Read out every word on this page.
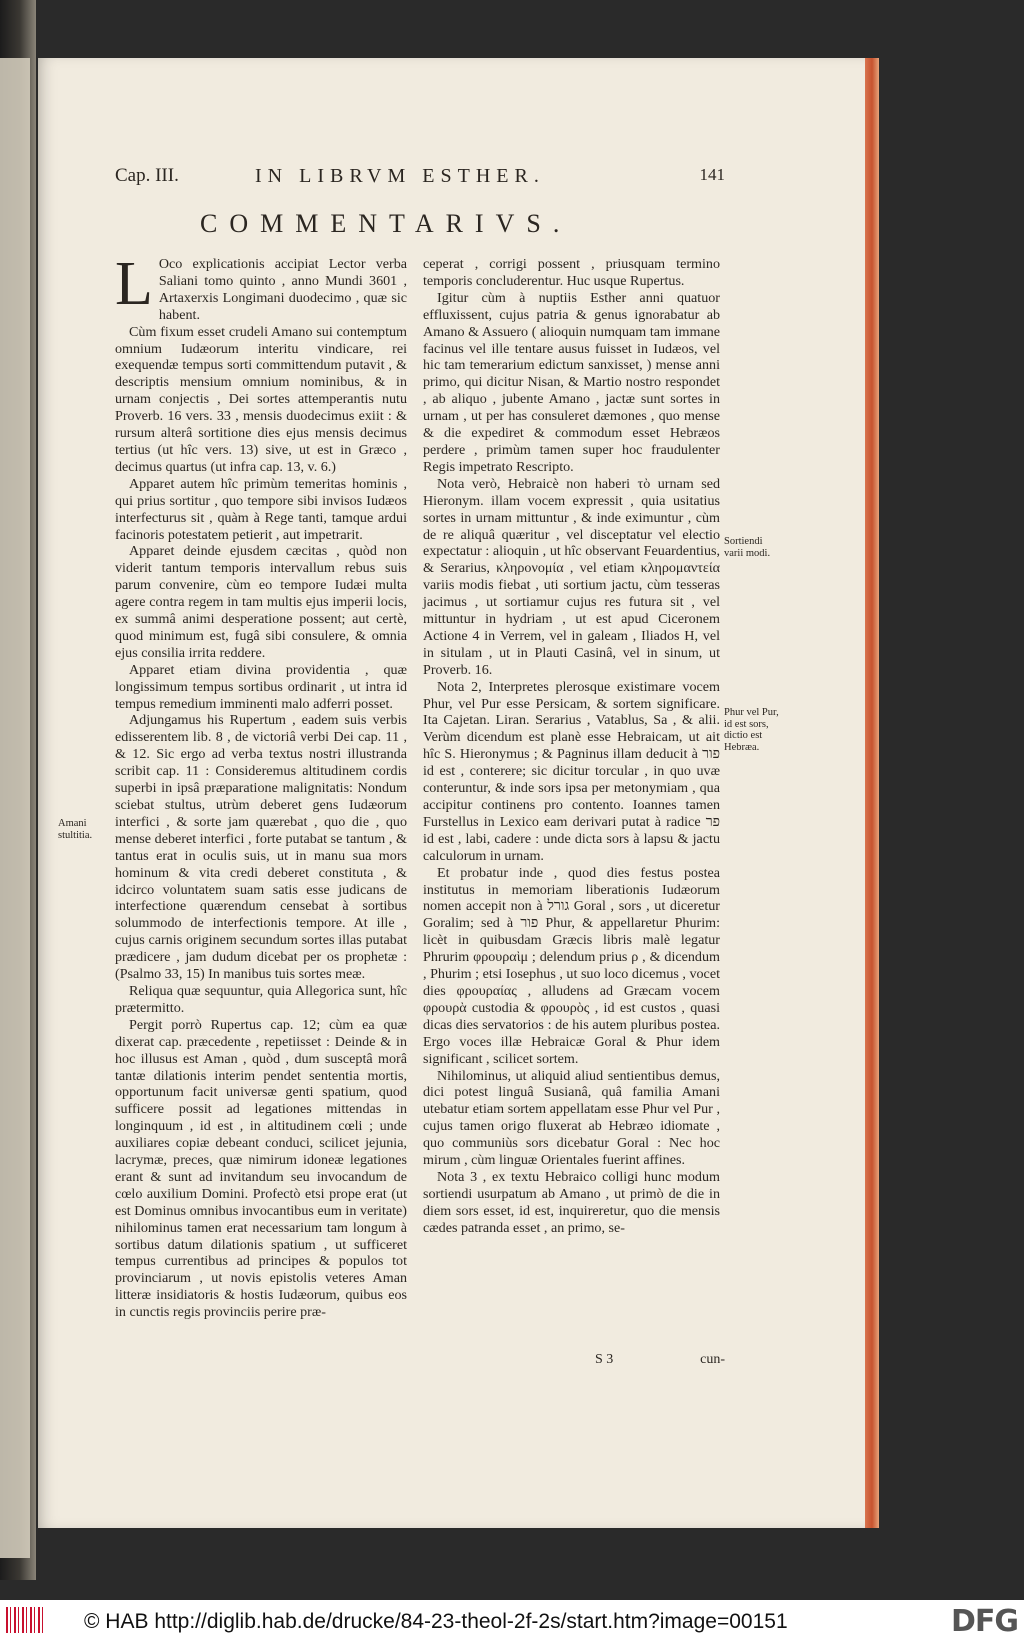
Cap. III.	IN LIBRVM ESTHER.	141
COMMENTARIVS.
L Oco explicationis accipiat Lector verba Saliani tomo quinto , anno Mundi 3601 , Artaxerxis Longimani duodecimo , quæ sic habent.

Cùm fixum esset crudeli Amano sui contemptum omnium Iudæorum interitu vindicare, rei exequendæ tempus sorti committendum putavit , & descriptis mensium omnium nominibus, & in urnam conjectis , Dei sortes attemperantis nutu Proverb. 16 vers. 33 , mensis duodecimus exiit : & rursum alterâ sortitione dies ejus mensis decimus tertius (ut hîc vers. 13) sive, ut est in Græco , decimus quartus (ut infra cap. 13, v. 6.)

Apparet autem hîc primùm temeritas hominis , qui prius sortitur , quo tempore sibi invisos Iudæos interfecturus sit , quàm à Rege tanti, tamque ardui facinoris potestatem petierit , aut impetrarit.

Apparet deinde ejusdem cæcitas , quòd non viderit tantum temporis intervallum rebus suis parum convenire, cùm eo tempore Iudæi multa agere contra regem in tam multis ejus imperii locis, ex summâ animi desperatione possent; aut certè, quod minimum est, fugâ sibi consulere, & omnia ejus consilia irrita reddere.

Apparet etiam divina providentia , quæ longissimum tempus sortibus ordinarit , ut intra id tempus remedium imminenti malo adferri posset.

Adjungamus his Rupertum , eadem suis verbis edisserentem lib. 8 , de victoriâ verbi Dei cap. 11 , & 12. Sic ergo ad verba textus nostri illustranda scribit cap. 11 : Consideremus altitudinem cordis superbi in ipsâ præparatione malignitatis: Nondum sciebat stultus, utrùm deberet gens Iudæorum interfici , & sorte jam quærebat , quo die , quo mense deberet interfici , forte putabat se tantum , & tantus erat in oculis suis, ut in manu sua mors hominum & vita credi deberet constituta , & idcirco voluntatem suam satis esse judicans de interfectione quærendum censebat à sortibus solummodo de interfectionis tempore. At ille , cujus carnis originem secundum sortes illas putabat prædicere , jam dudum dicebat per os prophetæ : (Psalmo 33, 15) In manibus tuis sortes meæ.

Reliqua quæ sequuntur, quia Allegorica sunt, hîc prætermitto.

Pergit porrò Rupertus cap. 12; cùm ea quæ dixerat cap. præcedente , repetiisset : Deinde & in hoc illusus est Aman , quòd , dum susceptâ morâ tantæ dilationis interim pendet sententia mortis, opportunum facit universæ genti spatium, quod sufficere possit ad legationes mittendas in longinquum , id est , in altitudinem cœli ; unde auxiliares copiæ debeant conduci, scilicet jejunia, lacrymæ, preces, quæ nimirum idoneæ legationes erant & sunt ad invitandum seu invocandum de cœlo auxilium Domini. Profectò etsi prope erat (ut est Dominus omnibus invocantibus eum in veritate) nihilominus tamen erat necessarium tam longum à sortibus datum dilationis spatium , ut sufficeret tempus currentibus ad principes & populos tot provinciarum , ut novis epistolis veteres Aman litteræ insidiatoris & hostis Iudæorum, quibus eos in cunctis regis provinciis perire præ-

ceperat , corrigi possent , priusquam termino temporis concluderentur. Huc usque Rupertus.

Igitur cùm à nuptiis Esther anni quatuor effluxissent, cujus patria & genus ignorabatur ab Amano & Assuero ( alioquin numquam tam immane facinus vel ille tentare ausus fuisset in Iudæos, vel hic tam temerarium edictum sanxisset, ) mense anni primo, qui dicitur Nisan, & Martio nostro respondet , ab aliquo , jubente Amano , jactæ sunt sortes in urnam , ut per has consuleret dæmones , quo mense & die expediret & commodum esset Hebræos perdere , primùm tamen super hoc fraudulenter Regis impetrato Rescripto.

Nota verò, Hebraicè non haberi τὸ urnam sed Hieronym. illam vocem expressit , quia usitatius sortes in urnam mittuntur , & inde eximuntur , cùm de re aliquâ quæritur , vel disceptatur vel electio expectatur : alioquin , ut hîc observant Feuardentius, & Serarius, κληρονομία , vel etiam κληρομαντεία variis modis fiebat , uti sortium jactu, cùm tesseras jacimus , ut sortiamur cujus res futura sit , vel mittuntur in hydriam , ut est apud Ciceronem Actione 4 in Verrem, vel in galeam , Iliados H, vel in situlam , ut in Plauti Casinâ, vel in sinum, ut Proverb. 16.

Nota 2, Interpretes plerosque existimare vocem Phur, vel Pur esse Persicam, & sortem significare. Ita Cajetan. Liran. Serarius , Vatablus, Sa , & alii. Verùm dicendum est planè esse Hebraicam, ut ait hîc S. Hieronymus ; & Pagninus illam deducit à פור id est , conterere; sic dicitur torcular , in quo uvæ conteruntur, & inde sors ipsa per metonymiam , qua accipitur continens pro contento. Ioannes tamen Furstellus in Lexico eam derivari putat à radice פר id est , labi, cadere : unde dicta sors à lapsu & jactu calculorum in urnam.

Et probatur inde , quod dies festus postea institutus in memoriam liberationis Iudæorum nomen accepit non à גורל Goral , sors , ut diceretur Goralim; sed à פור Phur, & appellaretur Phurim: licèt in quibusdam Græcis libris malè legatur Phrurim φρουραὶμ ; delendum prius ρ , & dicendum , Phurim ; etsi Iosephus , ut suo loco dicemus , vocet dies φρουραίας , alludens ad Græcam vocem φρουρὰ custodia & φρουρὸς , id est custos , quasi dicas dies servatorios : de his autem pluribus postea. Ergo voces illæ Hebraicæ Goral & Phur idem significant , scilicet sortem.

Nihilominus, ut aliquid aliud sentientibus demus, dici potest linguâ Susianâ, quâ familia Amani utebatur etiam sortem appellatam esse Phur vel Pur , cujus tamen origo fluxerat ab Hebræo idiomate , quo communiùs sors dicebatur Goral : Nec hoc mirum , cùm linguæ Orientales fuerint affines.

Nota 3 , ex textu Hebraico colligi hunc modum sortiendi usurpatum ab Amano , ut primò de die in diem sors esset, id est, inquireretur, quo die mensis cædes patranda esset , an primo, se-

Amani stultitia.
Sortiendi varii modi.
Phur vel Pur, id est sors, dictio est Hebræa.
S 3	cun-
© HAB http://diglib.hab.de/drucke/84-23-theol-2f-2s/start.htm?image=00151	DFG
